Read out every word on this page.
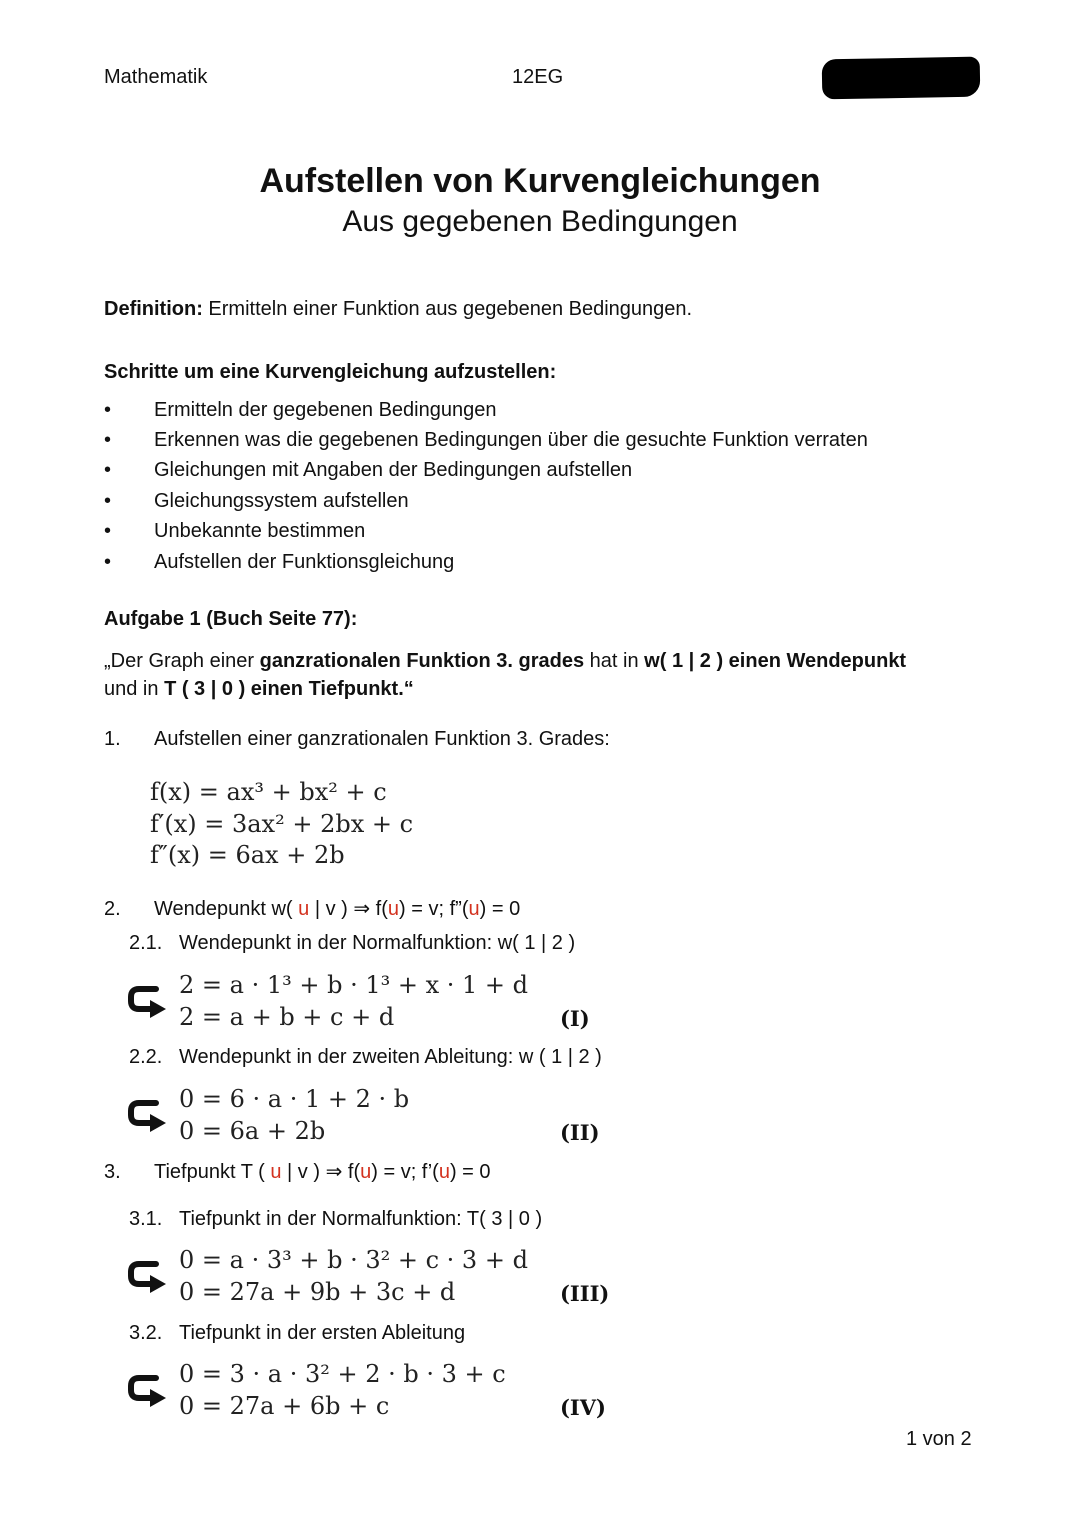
Mathematik	12EG
Aufstellen von Kurvengleichungen
Aus gegebenen Bedingungen
Definition: Ermitteln einer Funktion aus gegebenen Bedingungen.
Schritte um eine Kurvengleichung aufzustellen:
• Ermitteln der gegebenen Bedingungen
• Erkennen was die gegebenen Bedingungen über die gesuchte Funktion verraten
• Gleichungen mit Angaben der Bedingungen aufstellen
• Gleichungssystem aufstellen
• Unbekannte bestimmen
• Aufstellen der Funktionsgleichung
Aufgabe 1 (Buch Seite 77):
„Der Graph einer ganzrationalen Funktion 3. grades hat in w( 1 | 2 ) einen Wendepunkt
und in T ( 3 | 0 ) einen Tiefpunkt.“
1. Aufstellen einer ganzrationalen Funktion 3. Grades:
f(x) = ax³ + bx² + c
f′(x) = 3ax² + 2bx + c
f″(x) = 6ax + 2b
2. Wendepunkt w( u | v ) ⇒ f(u) = v; f”(u) = 0
2.1. Wendepunkt in der Normalfunktion: w( 1 | 2 )
2 = a · 1³ + b · 1³ + x · 1 + d
2 = a + b + c + d	(I)
2.2. Wendepunkt in der zweiten Ableitung: w ( 1 | 2 )
0 = 6 · a · 1 + 2 · b
0 = 6a + 2b	(II)
3. Tiefpunkt T ( u | v ) ⇒ f(u) = v; f’(u) = 0
3.1. Tiefpunkt in der Normalfunktion: T( 3 | 0 )
0 = a · 3³ + b · 3² + c · 3 + d
0 = 27a + 9b + 3c + d	(III)
3.2. Tiefpunkt in der ersten Ableitung
0 = 3 · a · 3² + 2 · b · 3 + c
0 = 27a + 6b + c	(IV)
1 von 2
